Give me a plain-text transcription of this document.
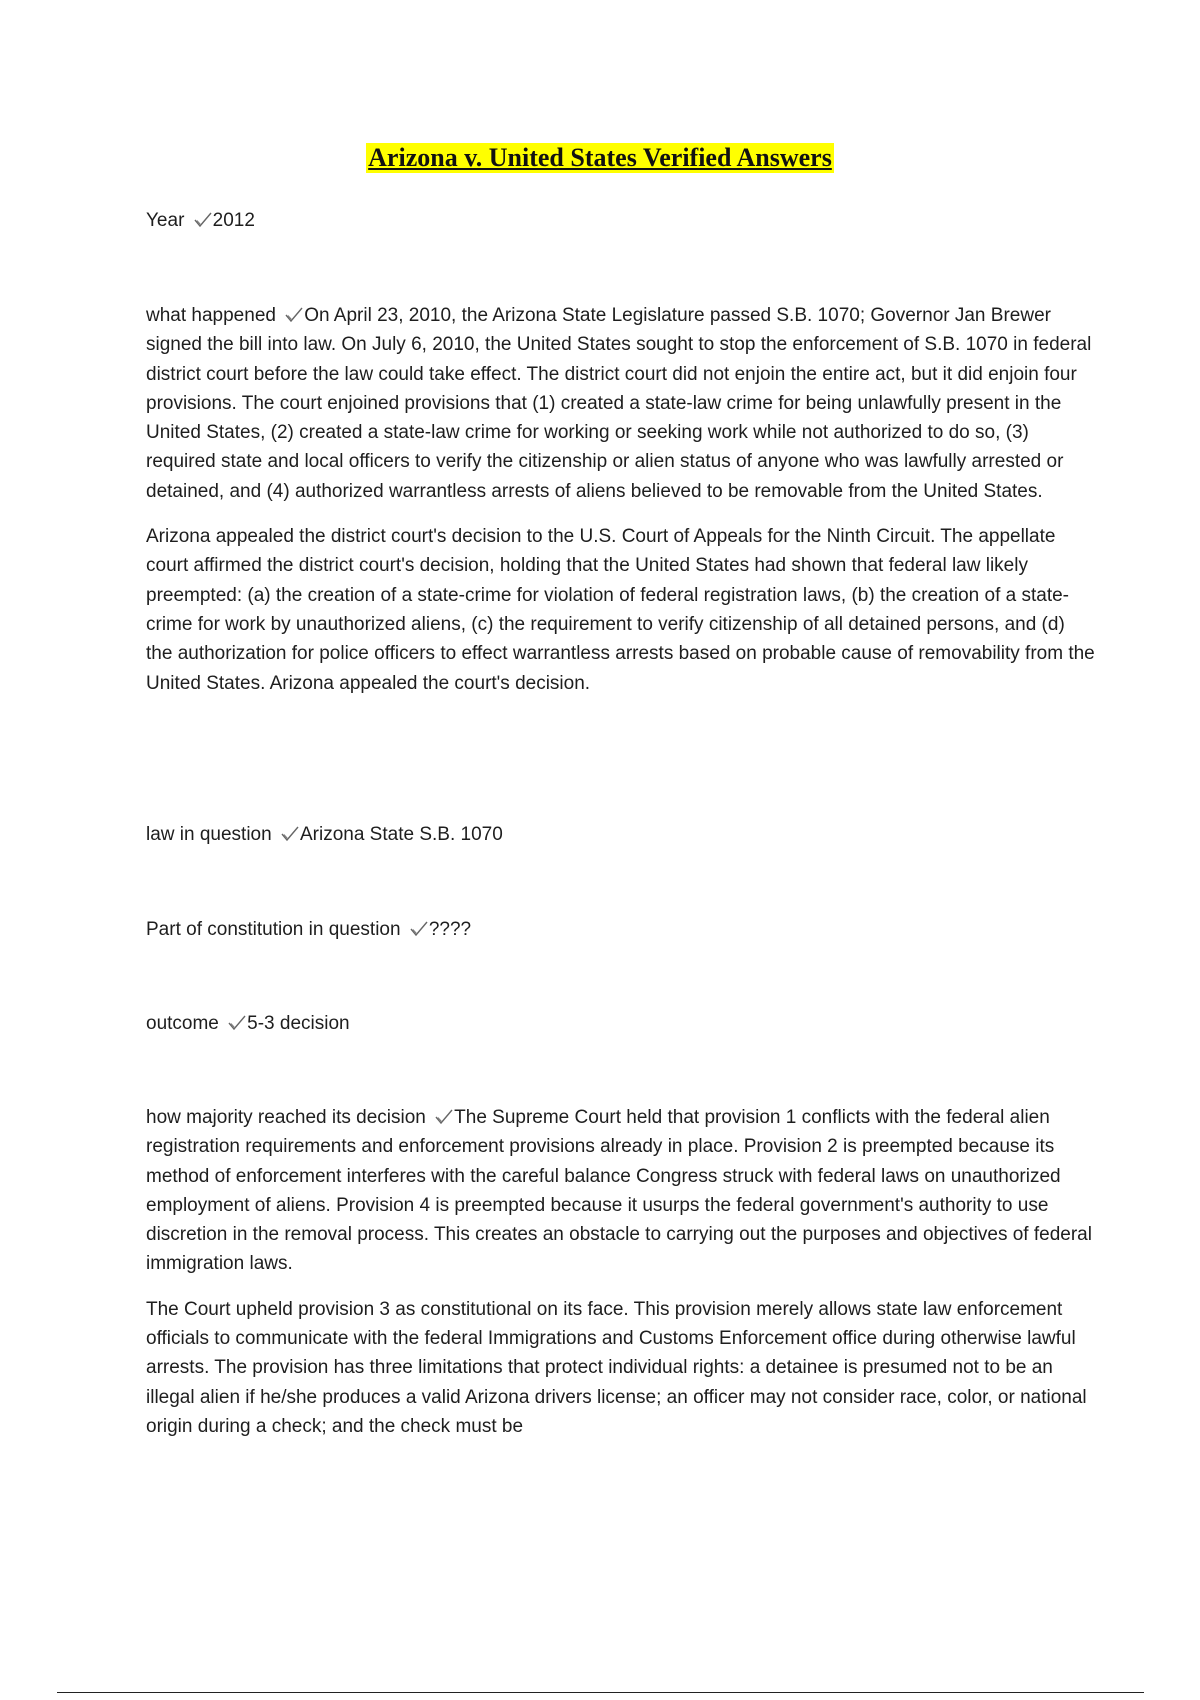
Arizona v. United States Verified Answers

Year 2012

what happened On April 23, 2010, the Arizona State Legislature passed S.B. 1070; Governor Jan Brewer signed the bill into law. On July 6, 2010, the United States sought to stop the enforcement of S.B. 1070 in federal district court before the law could take effect. The district court did not enjoin the entire act, but it did enjoin four provisions. The court enjoined provisions that (1) created a state-law crime for being unlawfully present in the United States, (2) created a state-law crime for working or seeking work while not authorized to do so, (3) required state and local officers to verify the citizenship or alien status of anyone who was lawfully arrested or detained, and (4) authorized warrantless arrests of aliens believed to be removable from the United States.

Arizona appealed the district court's decision to the U.S. Court of Appeals for the Ninth Circuit. The appellate court affirmed the district court's decision, holding that the United States had shown that federal law likely preempted: (a) the creation of a state-crime for violation of federal registration laws, (b) the creation of a state-crime for work by unauthorized aliens, (c) the requirement to verify citizenship of all detained persons, and (d) the authorization for police officers to effect warrantless arrests based on probable cause of removability from the United States. Arizona appealed the court's decision.

law in question Arizona State S.B. 1070

Part of constitution in question ????

outcome 5-3 decision

how majority reached its decision The Supreme Court held that provision 1 conflicts with the federal alien registration requirements and enforcement provisions already in place. Provision 2 is preempted because its method of enforcement interferes with the careful balance Congress struck with federal laws on unauthorized employment of aliens. Provision 4 is preempted because it usurps the federal government's authority to use discretion in the removal process. This creates an obstacle to carrying out the purposes and objectives of federal immigration laws.

The Court upheld provision 3 as constitutional on its face. This provision merely allows state law enforcement officials to communicate with the federal Immigrations and Customs Enforcement office during otherwise lawful arrests. The provision has three limitations that protect individual rights: a detainee is presumed not to be an illegal alien if he/she produces a valid Arizona drivers license; an officer may not consider race, color, or national origin during a check; and the check must be
